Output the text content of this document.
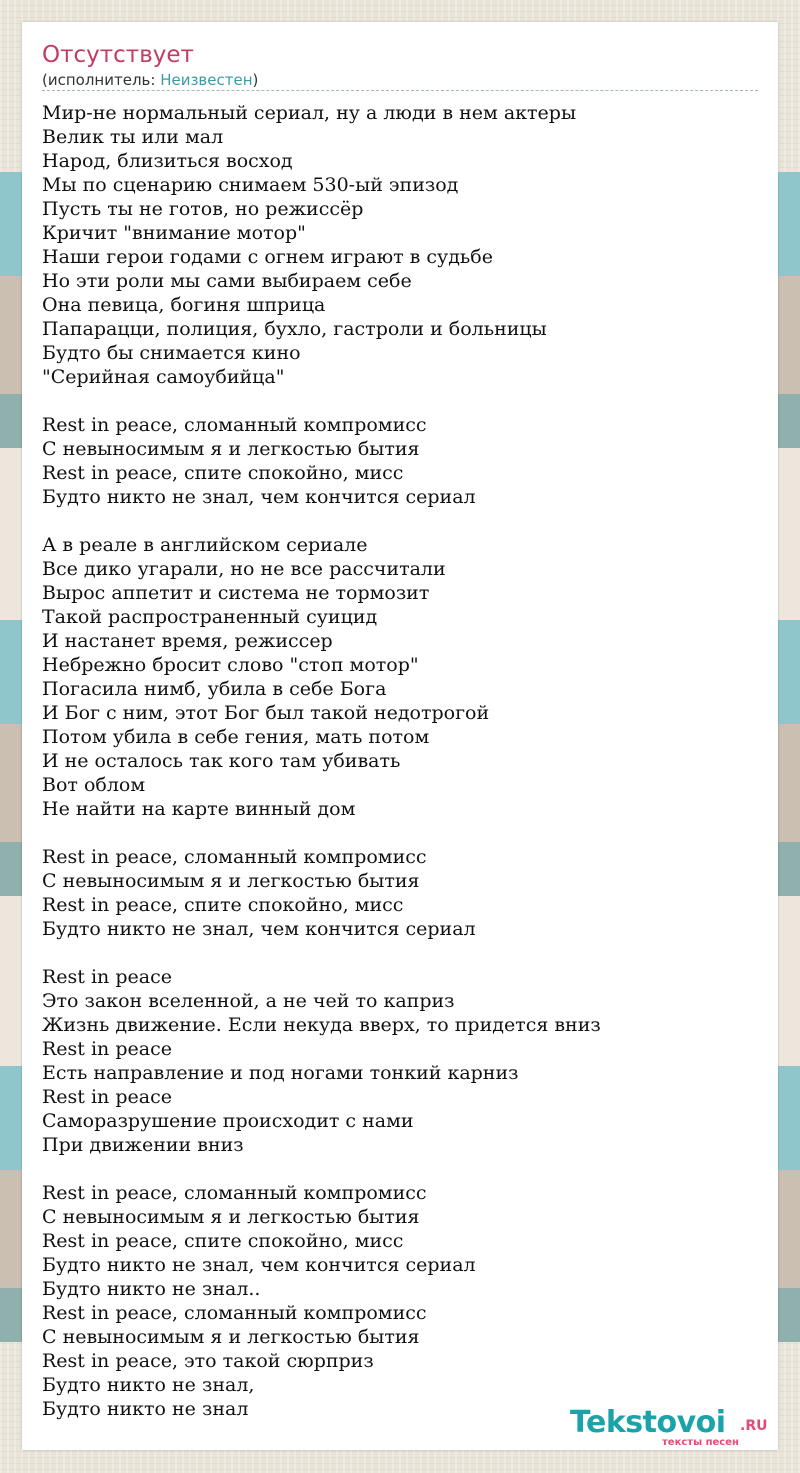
Отсутствует
(исполнитель: Неизвестен)
Мир-не нормальный сериал, ну а люди в нем актеры
Велик ты или мал
Народ, близиться восход
Мы по сценарию снимаем 530-ый эпизод
Пусть ты не готов, но режиссёр
Кричит "внимание мотор"
Наши герои годами с огнем играют в судьбе
Но эти роли мы сами выбираем себе
Она певица, богиня шприца
Папарацци, полиция, бухло, гастроли и больницы
Будто бы снимается кино
"Серийная самоубийца"
Rest in peace, сломанный компромисс
С невыносимым я и легкостью бытия
Rest in peace, спите спокойно, мисс
Будто никто не знал, чем кончится сериал
А в реале в английском сериале
Все дико угарали, но не все рассчитали
Вырос аппетит и система не тормозит
Такой распространенный суицид
И настанет время, режиссер
Небрежно бросит слово "стоп мотор"
Погасила нимб, убила в себе Бога
И Бог с ним, этот Бог был такой недотрогой
Потом убила в себе гения, мать потом
И не осталось так кого там убивать
Вот облом
Не найти на карте винный дом
Rest in peace, сломанный компромисс
С невыносимым я и легкостью бытия
Rest in peace, спите спокойно, мисс
Будто никто не знал, чем кончится сериал
Rest in peace
Это закон вселенной, а не чей то каприз
Жизнь движение. Если некуда вверх, то придется вниз
Rest in peace
Есть направление и под ногами тонкий карниз
Rest in peace
Саморазрушение происходит с нами
При движении вниз
Rest in peace, сломанный компромисс
С невыносимым я и легкостью бытия
Rest in peace, спите спокойно, мисс
Будто никто не знал, чем кончится сериал
Будто никто не знал..
Rest in peace, сломанный компромисс
С невыносимым я и легкостью бытия
Rest in peace, это такой сюрприз
Будто никто не знал,
Будто никто не знал	Tekstovoi .RU
тексты песен
